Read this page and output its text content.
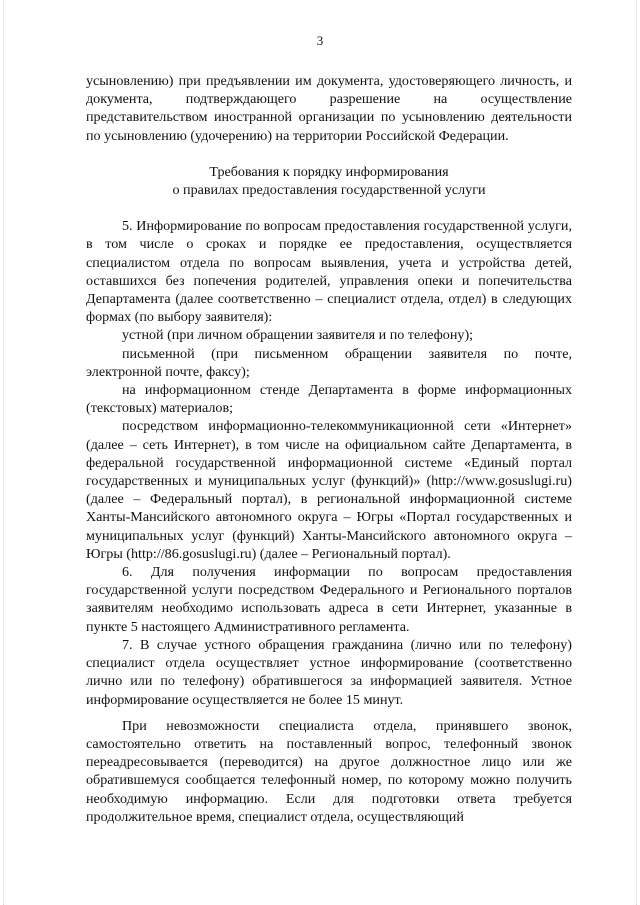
3

усыновлению) при предъявлении им документа, удостоверяющего личность, и документа, подтверждающего разрешение на осуществление представительством иностранной организации по усыновлению деятельности по усыновлению (удочерению) на территории Российской Федерации.

Требования к порядку информирования

о правилах предоставления государственной услуги

5. Информирование по вопросам предоставления государственной услуги, в том числе о сроках и порядке ее предоставления, осуществляется специалистом отдела по вопросам выявления, учета и устройства детей, оставшихся без попечения родителей, управления опеки и попечительства Департамента (далее соответственно – специалист отдела, отдел) в следующих формах (по выбору заявителя):

устной (при личном обращении заявителя и по телефону);

письменной (при письменном обращении заявителя по почте, электронной почте, факсу);

на информационном стенде Департамента в форме информационных (текстовых) материалов;

посредством информационно-телекоммуникационной сети «Интернет» (далее – сеть Интернет), в том числе на официальном сайте Департамента, в федеральной государственной информационной системе «Единый портал государственных и муниципальных услуг (функций)» (http://www.gosuslugi.ru) (далее – Федеральный портал), в региональной информационной системе Ханты-Мансийского автономного округа – Югры «Портал государственных и муниципальных услуг (функций) Ханты-Мансийского автономного округа – Югры (http://86.gosuslugi.ru) (далее – Региональный портал).

6. Для получения информации по вопросам предоставления государственной услуги посредством Федерального и Регионального порталов заявителям необходимо использовать адреса в сети Интернет, указанные в пункте 5 настоящего Административного регламента.

7. В случае устного обращения гражданина (лично или по телефону) специалист отдела осуществляет устное информирование (соответственно лично или по телефону) обратившегося за информацией заявителя. Устное информирование осуществляется не более 15 минут.

При невозможности специалиста отдела, принявшего звонок, самостоятельно ответить на поставленный вопрос, телефонный звонок переадресовывается (переводится) на другое должностное лицо или же обратившемуся сообщается телефонный номер, по которому можно получить необходимую информацию. Если для подготовки ответа требуется продолжительное время, специалист отдела, осуществляющий
